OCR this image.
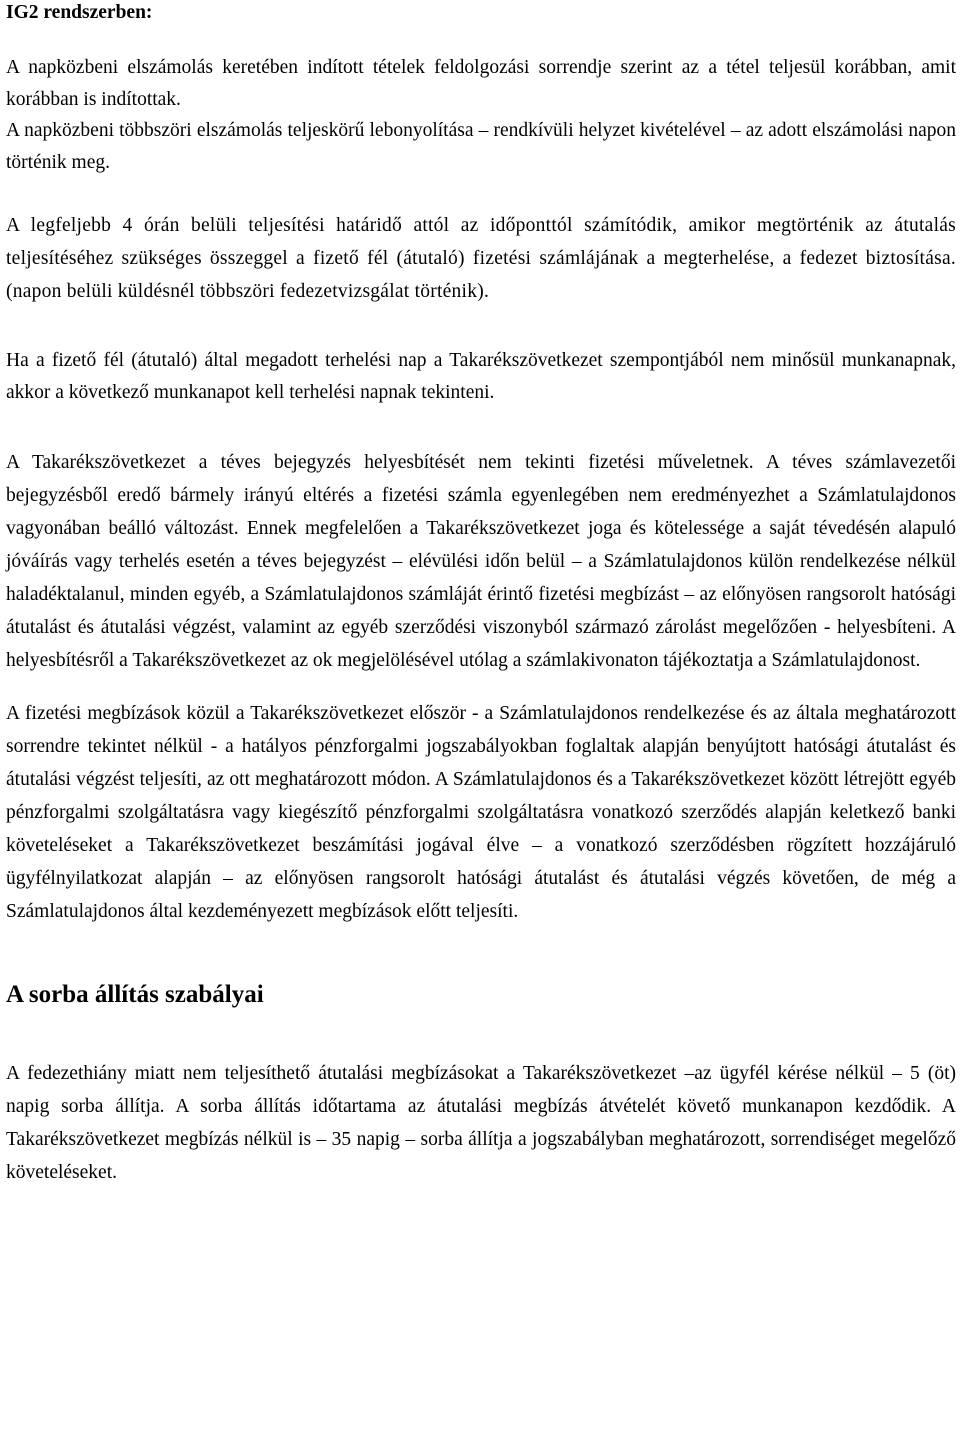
IG2 rendszerben:

A napközbeni elszámolás keretében indított tételek feldolgozási sorrendje szerint az a tétel teljesül korábban, amit korábban is indítottak.

A napközbeni többszöri elszámolás teljeskörű lebonyolítása – rendkívüli helyzet kivételével – az adott elszámolási napon történik meg.

A legfeljebb 4 órán belüli teljesítési határidő attól az időponttól számítódik, amikor megtörténik az átutalás teljesítéséhez szükséges összeggel a fizető fél (átutaló) fizetési számlájának a megterhelése, a fedezet biztosítása. (napon belüli küldésnél többszöri fedezetvizsgálat történik).

Ha a fizető fél (átutaló) által megadott terhelési nap a Takarékszövetkezet szempontjából nem minősül munkanapnak, akkor a következő munkanapot kell terhelési napnak tekinteni.

A Takarékszövetkezet a téves bejegyzés helyesbítését nem tekinti fizetési műveletnek. A téves számlavezetői bejegyzésből eredő bármely irányú eltérés a fizetési számla egyenlegében nem eredményezhet a Számlatulajdonos vagyonában beálló változást. Ennek megfelelően a Takarékszövetkezet joga és kötelessége a saját tévedésén alapuló jóváírás vagy terhelés esetén a téves bejegyzést – elévülési időn belül – a Számlatulajdonos külön rendelkezése nélkül haladéktalanul, minden egyéb, a Számlatulajdonos számláját érintő fizetési megbízást – az előnyösen rangsorolt hatósági átutalást és átutalási végzést, valamint az egyéb szerződési viszonyból származó zárolást megelőzően - helyesbíteni. A helyesbítésről a Takarékszövetkezet az ok megjelölésével utólag a számlakivonaton tájékoztatja a Számlatulajdonost.

A fizetési megbízások közül a Takarékszövetkezet először - a Számlatulajdonos rendelkezése és az általa meghatározott sorrendre tekintet nélkül - a hatályos pénzforgalmi jogszabályokban foglaltak alapján benyújtott hatósági átutalást és átutalási végzést teljesíti, az ott meghatározott módon. A Számlatulajdonos és a Takarékszövetkezet között létrejött egyéb pénzforgalmi szolgáltatásra vagy kiegészítő pénzforgalmi szolgáltatásra vonatkozó szerződés alapján keletkező banki követeléseket a Takarékszövetkezet beszámítási jogával élve – a vonatkozó szerződésben rögzített hozzájáruló ügyfélnyilatkozat alapján – az előnyösen rangsorolt hatósági átutalást és átutalási végzés követően, de még a Számlatulajdonos által kezdeményezett megbízások előtt teljesíti.

A sorba állítás szabályai

A fedezethiány miatt nem teljesíthető átutalási megbízásokat a Takarékszövetkezet –az ügyfél kérése nélkül – 5 (öt) napig sorba állítja. A sorba állítás időtartama az átutalási megbízás átvételét követő munkanapon kezdődik. A Takarékszövetkezet megbízás nélkül is – 35 napig – sorba állítja a jogszabályban meghatározott, sorrendiséget megelőző követeléseket.
